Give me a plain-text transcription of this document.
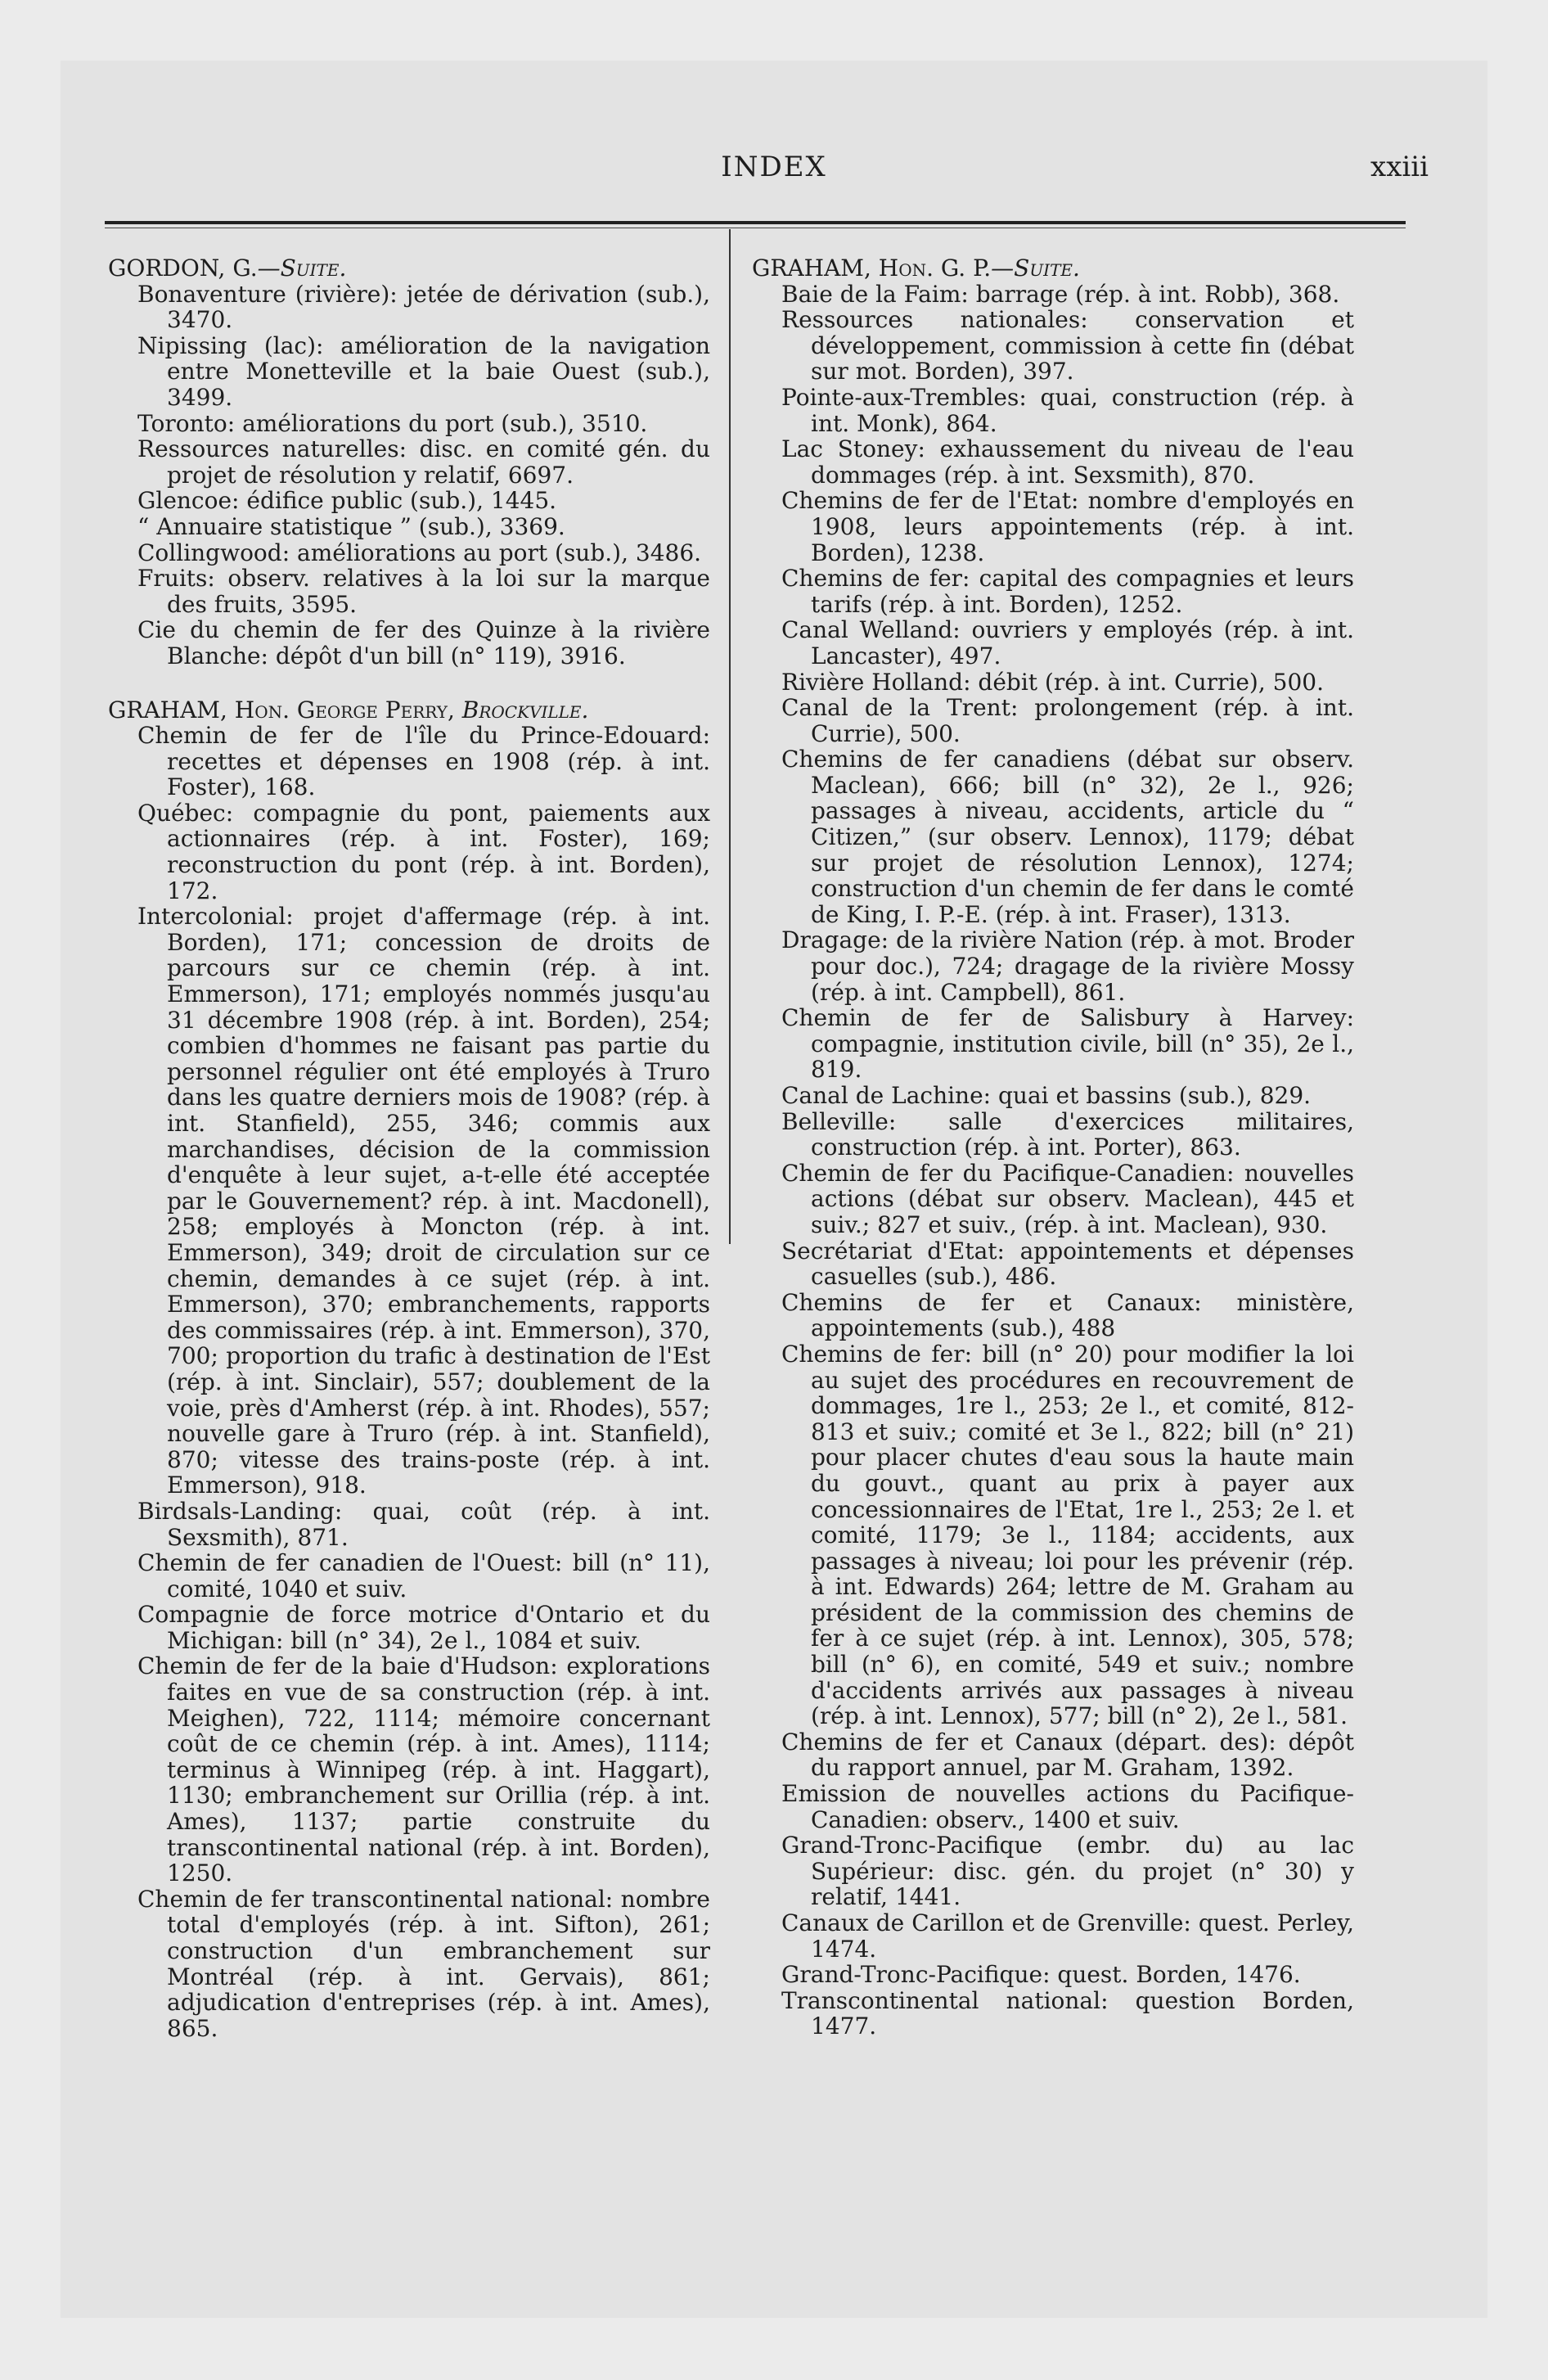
INDEX	xxiii
GORDON, G.—Suite.

Bonaventure (rivière): jetée de dérivation (sub.), 3470.

Nipissing (lac): amélioration de la navigation entre Monetteville et la baie Ouest (sub.), 3499.

Toronto: améliorations du port (sub.), 3510.

Ressources naturelles: disc. en comité gén. du projet de résolution y relatif, 6697.

Glencoe: édifice public (sub.), 1445.

“ Annuaire statistique ” (sub.), 3369.

Collingwood: améliorations au port (sub.), 3486.

Fruits: observ. relatives à la loi sur la marque des fruits, 3595.

Cie du chemin de fer des Quinze à la rivière Blanche: dépôt d'un bill (n° 119), 3916.

GRAHAM, Hon. George Perry, Brockville.

Chemin de fer de l'île du Prince-Edouard: recettes et dépenses en 1908 (rép. à int. Foster), 168.

Québec: compagnie du pont, paiements aux actionnaires (rép. à int. Foster), 169; reconstruction du pont (rép. à int. Borden), 172.

Intercolonial: projet d'affermage (rép. à int. Borden), 171; concession de droits de parcours sur ce chemin (rép. à int. Emmerson), 171; employés nommés jusqu'au 31 décembre 1908 (rép. à int. Borden), 254; combien d'hommes ne faisant pas partie du personnel régulier ont été employés à Truro dans les quatre derniers mois de 1908? (rép. à int. Stanfield), 255, 346; commis aux marchandises, décision de la commission d'enquête à leur sujet, a-t-elle été acceptée par le Gouvernement? rép. à int. Macdonell), 258; employés à Moncton (rép. à int. Emmerson), 349; droit de circulation sur ce chemin, demandes à ce sujet (rép. à int. Emmerson), 370; embranchements, rapports des commissaires (rép. à int. Emmerson), 370, 700; proportion du trafic à destination de l'Est (rép. à int. Sinclair), 557; doublement de la voie, près d'Amherst (rép. à int. Rhodes), 557; nouvelle gare à Truro (rép. à int. Stanfield), 870; vitesse des trains-poste (rép. à int. Emmerson), 918.

Birdsals-Landing: quai, coût (rép. à int. Sexsmith), 871.

Chemin de fer canadien de l'Ouest: bill (n° 11), comité, 1040 et suiv.

Compagnie de force motrice d'Ontario et du Michigan: bill (n° 34), 2e l., 1084 et suiv.

Chemin de fer de la baie d'Hudson: explorations faites en vue de sa construction (rép. à int. Meighen), 722, 1114; mémoire concernant coût de ce chemin (rép. à int. Ames), 1114; terminus à Winnipeg (rép. à int. Haggart), 1130; embranchement sur Orillia (rép. à int. Ames), 1137; partie construite du transcontinental national (rép. à int. Borden), 1250.

Chemin de fer transcontinental national: nombre total d'employés (rép. à int. Sifton), 261; construction d'un embranchement sur Montréal (rép. à int. Gervais), 861; adjudication d'entreprises (rép. à int. Ames), 865.

GRAHAM, Hon. G. P.—Suite.

Baie de la Faim: barrage (rép. à int. Robb), 368.

Ressources nationales: conservation et développement, commission à cette fin (débat sur mot. Borden), 397.

Pointe-aux-Trembles: quai, construction (rép. à int. Monk), 864.

Lac Stoney: exhaussement du niveau de l'eau dommages (rép. à int. Sexsmith), 870.

Chemins de fer de l'Etat: nombre d'employés en 1908, leurs appointements (rép. à int. Borden), 1238.

Chemins de fer: capital des compagnies et leurs tarifs (rép. à int. Borden), 1252.

Canal Welland: ouvriers y employés (rép. à int. Lancaster), 497.

Rivière Holland: débit (rép. à int. Currie), 500.

Canal de la Trent: prolongement (rép. à int. Currie), 500.

Chemins de fer canadiens (débat sur observ. Maclean), 666; bill (n° 32), 2e l., 926; passages à niveau, accidents, article du “ Citizen,” (sur observ. Lennox), 1179; débat sur projet de résolution Lennox), 1274; construction d'un chemin de fer dans le comté de King, I. P.-E. (rép. à int. Fraser), 1313.

Dragage: de la rivière Nation (rép. à mot. Broder pour doc.), 724; dragage de la rivière Mossy (rép. à int. Campbell), 861.

Chemin de fer de Salisbury à Harvey: compagnie, institution civile, bill (n° 35), 2e l., 819.

Canal de Lachine: quai et bassins (sub.), 829.

Belleville: salle d'exercices militaires, construction (rép. à int. Porter), 863.

Chemin de fer du Pacifique-Canadien: nouvelles actions (débat sur observ. Maclean), 445 et suiv.; 827 et suiv., (rép. à int. Maclean), 930.

Secrétariat d'Etat: appointements et dépenses casuelles (sub.), 486.

Chemins de fer et Canaux: ministère, appointements (sub.), 488

Chemins de fer: bill (n° 20) pour modifier la loi au sujet des procédures en recouvrement de dommages, 1re l., 253; 2e l., et comité, 812-813 et suiv.; comité et 3e l., 822; bill (n° 21) pour placer chutes d'eau sous la haute main du gouvt., quant au prix à payer aux concessionnaires de l'Etat, 1re l., 253; 2e l. et comité, 1179; 3e l., 1184; accidents, aux passages à niveau; loi pour les prévenir (rép. à int. Edwards) 264; lettre de M. Graham au président de la commission des chemins de fer à ce sujet (rép. à int. Lennox), 305, 578; bill (n° 6), en comité, 549 et suiv.; nombre d'accidents arrivés aux passages à niveau (rép. à int. Lennox), 577; bill (n° 2), 2e l., 581.

Chemins de fer et Canaux (départ. des): dépôt du rapport annuel, par M. Graham, 1392.

Emission de nouvelles actions du Pacifique-Canadien: observ., 1400 et suiv.

Grand-Tronc-Pacifique (embr. du) au lac Supérieur: disc. gén. du projet (n° 30) y relatif, 1441.

Canaux de Carillon et de Grenville: quest. Perley, 1474.

Grand-Tronc-Pacifique: quest. Borden, 1476.

Transcontinental national: question Borden, 1477.
